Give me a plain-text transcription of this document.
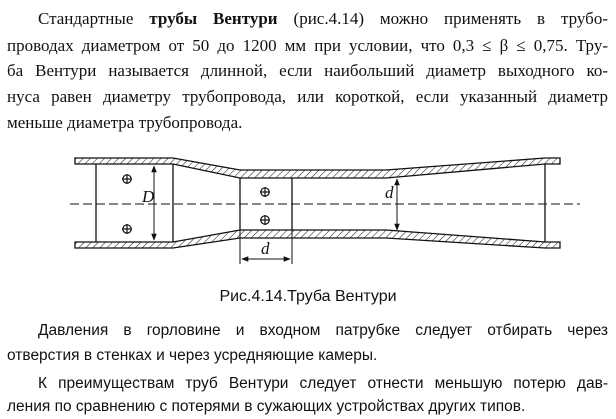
Стандартные трубы Вентури (рис.4.14) можно применять в трубо-
проводах диаметром от 50 до 1200 мм при условии, что 0,3 ≤ β ≤ 0,75. Тру-
ба Вентури называется длинной, если наибольший диаметр выходного ко-
нуса равен диаметру трубопровода, или короткой, если указанный диаметр
меньше диаметра трубопровода.
D	d
d
Рис.4.14.Труба Вентури
Давления в горловине и входном патрубке следует отбирать через
отверстия в стенках и через усредняющие камеры.
К преимуществам труб Вентури следует отнести меньшую потерю дав-
ления по сравнению с потерями в сужающих устройствах других типов.
